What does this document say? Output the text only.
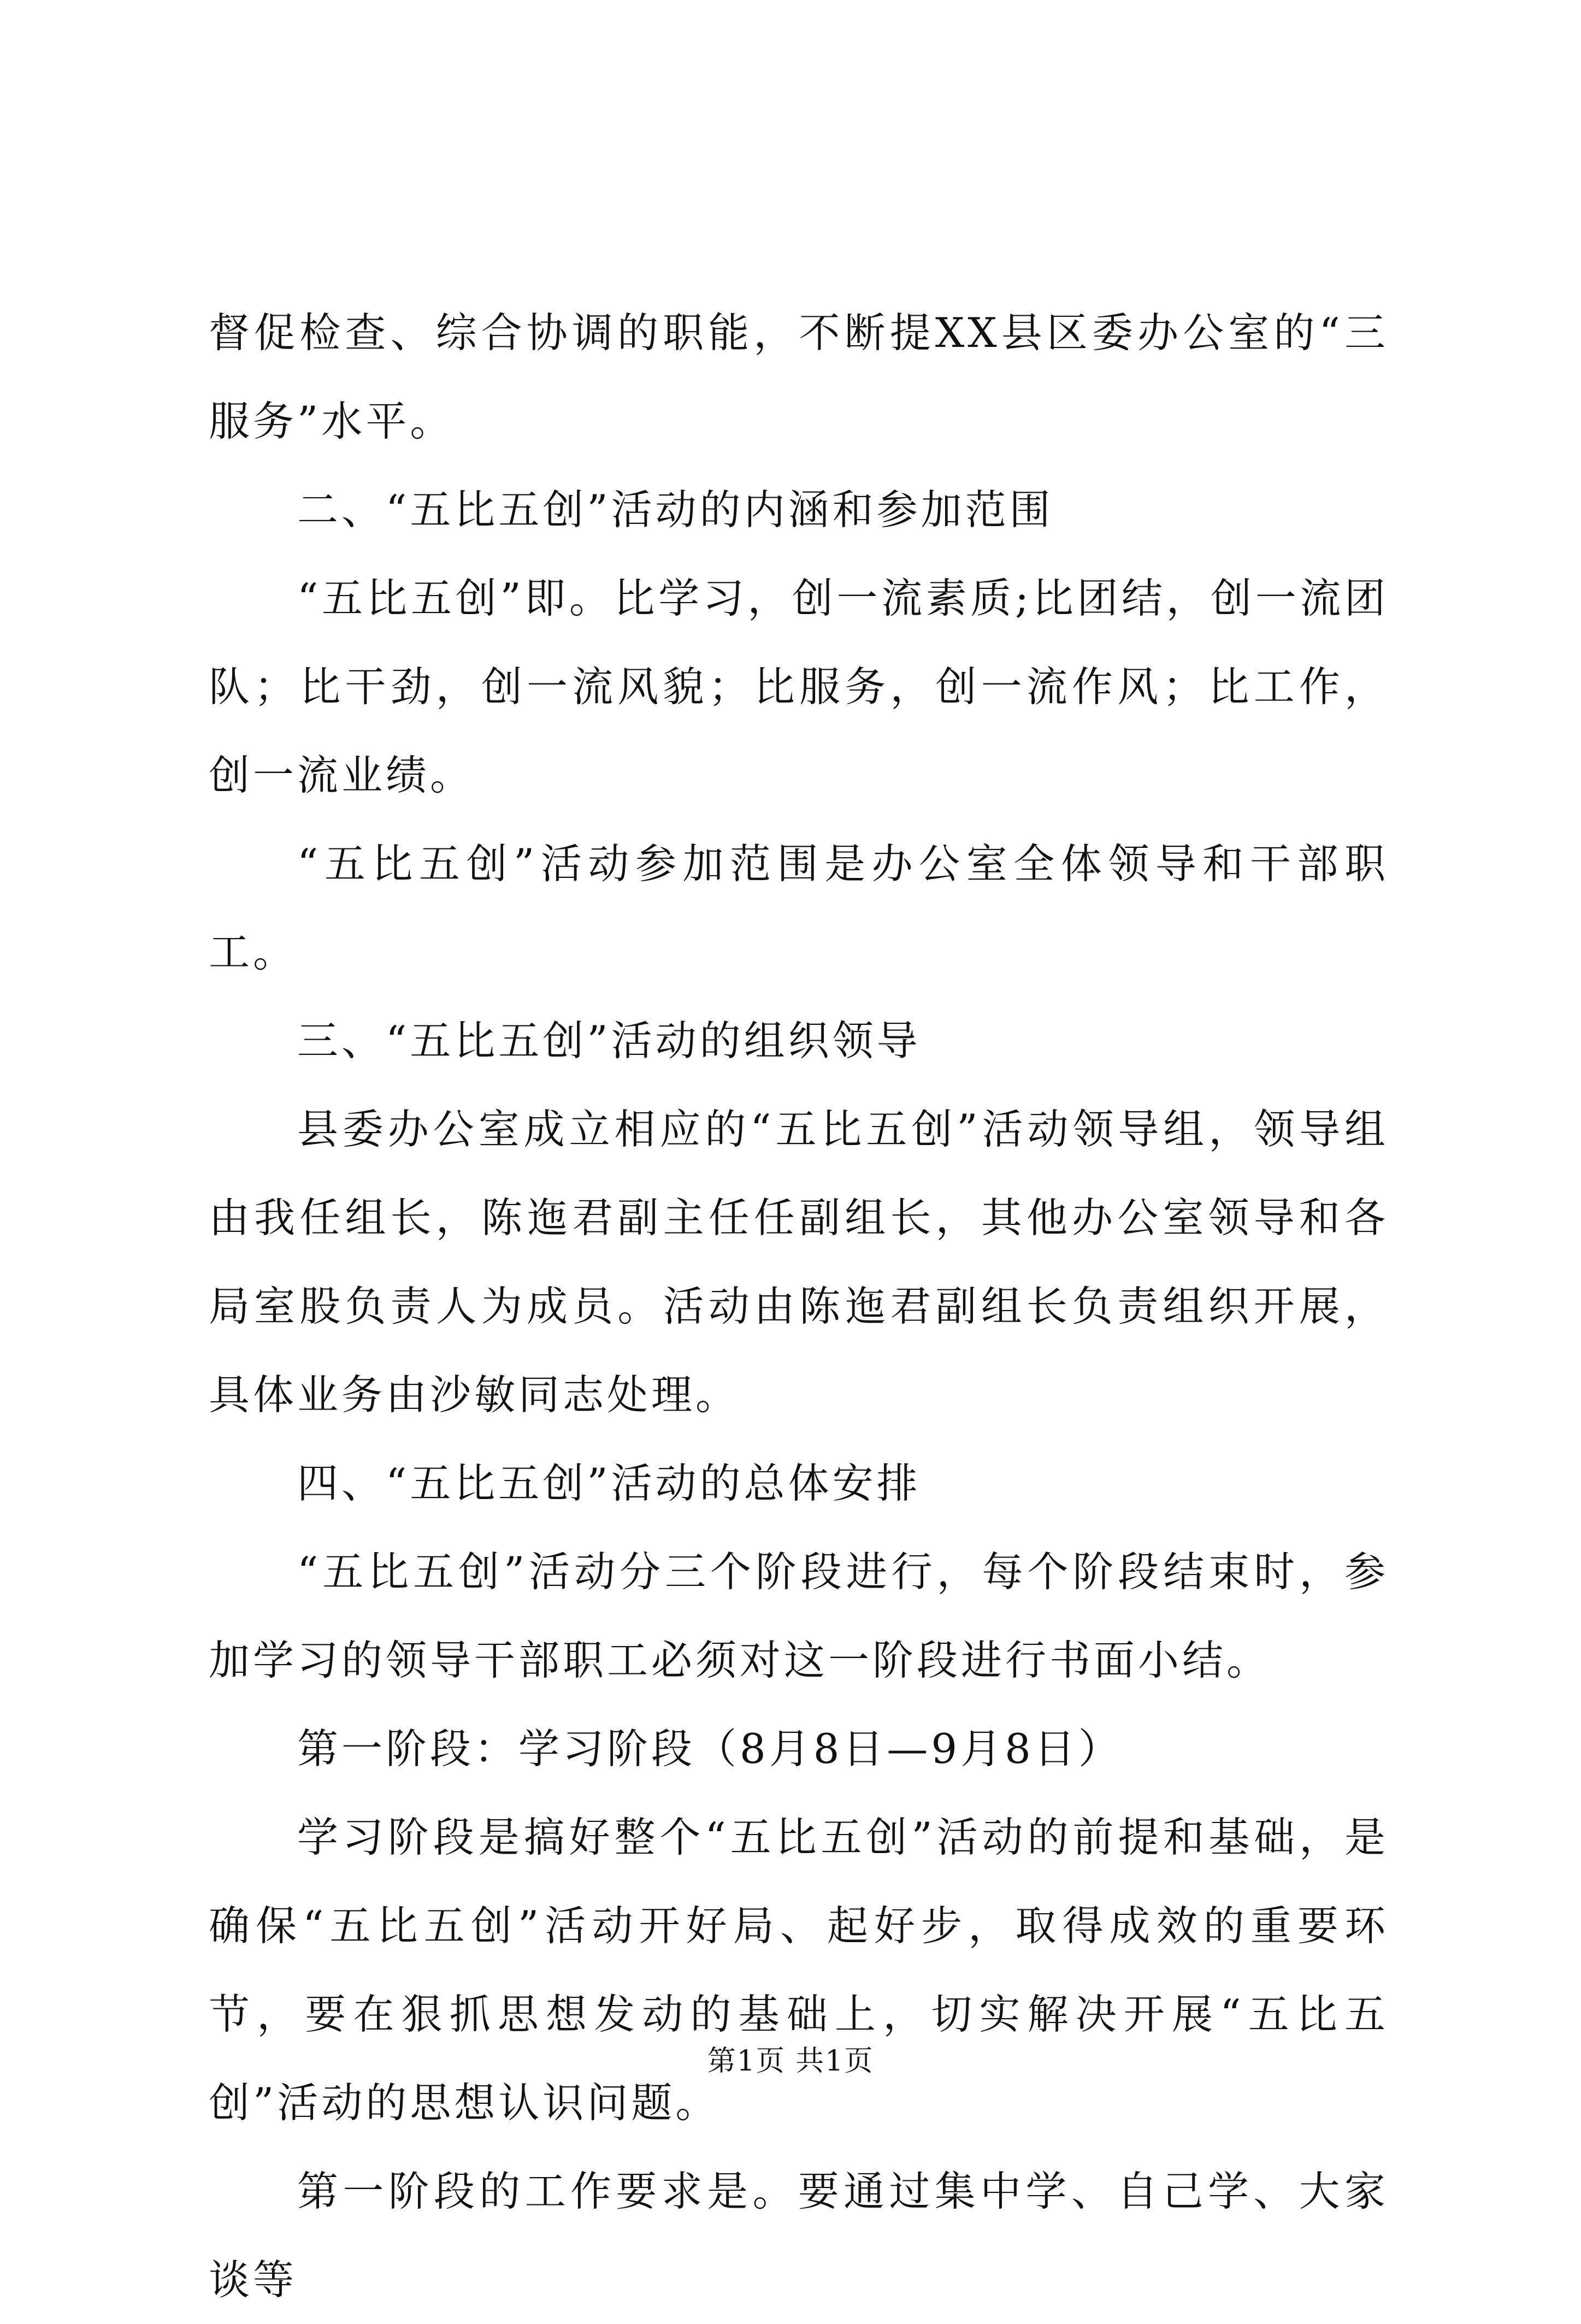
督促检查、综合协调的职能，不断提XX县区委办公室的“三服务”水平。

二、“五比五创”活动的内涵和参加范围

“五比五创”即。比学习，创一流素质;比团结，创一流团队；比干劲，创一流风貌；比服务，创一流作风；比工作，创一流业绩。

“五比五创”活动参加范围是办公室全体领导和干部职工。

三、“五比五创”活动的组织领导

县委办公室成立相应的“五比五创”活动领导组，领导组由我任组长，陈迤君副主任任副组长，其他办公室领导和各局室股负责人为成员。活动由陈迤君副组长负责组织开展，具体业务由沙敏同志处理。

四、“五比五创”活动的总体安排

“五比五创”活动分三个阶段进行，每个阶段结束时，参加学习的领导干部职工必须对这一阶段进行书面小结。

第一阶段：学习阶段（8月8日—9月8日）

学习阶段是搞好整个“五比五创”活动的前提和基础，是确保“五比五创”活动开好局、起好步，取得成效的重要环节，要在狠抓思想发动的基础上，切实解决开展“五比五创”活动的思想认识问题。

第一阶段的工作要求是。要通过集中学、自己学、大家谈等

第1页 共1页
